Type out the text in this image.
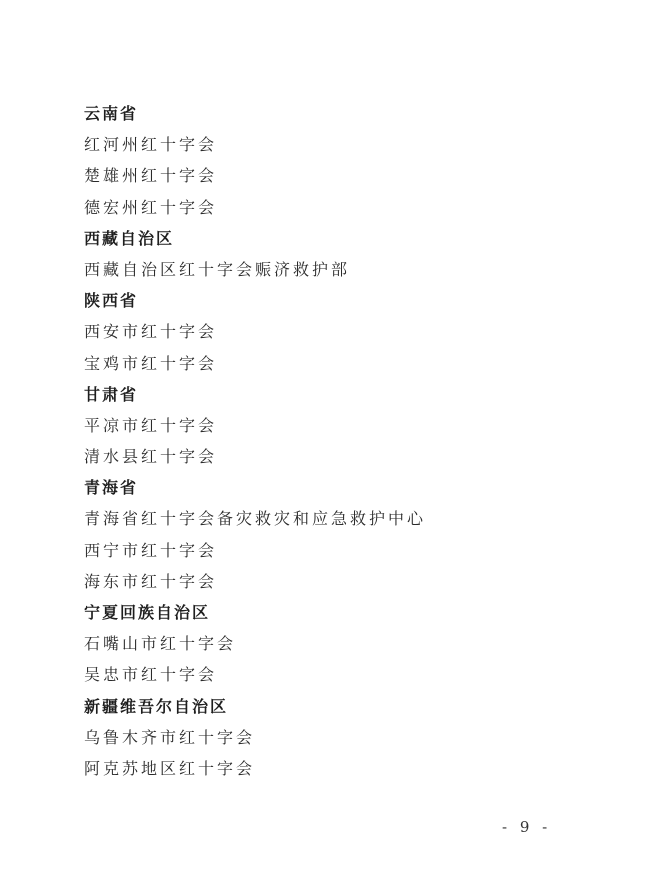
云南省
红河州红十字会
楚雄州红十字会
德宏州红十字会
西藏自治区
西藏自治区红十字会赈济救护部
陕西省
西安市红十字会
宝鸡市红十字会
甘肃省
平凉市红十字会
清水县红十字会
青海省
青海省红十字会备灾救灾和应急救护中心
西宁市红十字会
海东市红十字会
宁夏回族自治区
石嘴山市红十字会
吴忠市红十字会
新疆维吾尔自治区
乌鲁木齐市红十字会
阿克苏地区红十字会
- 9 -
